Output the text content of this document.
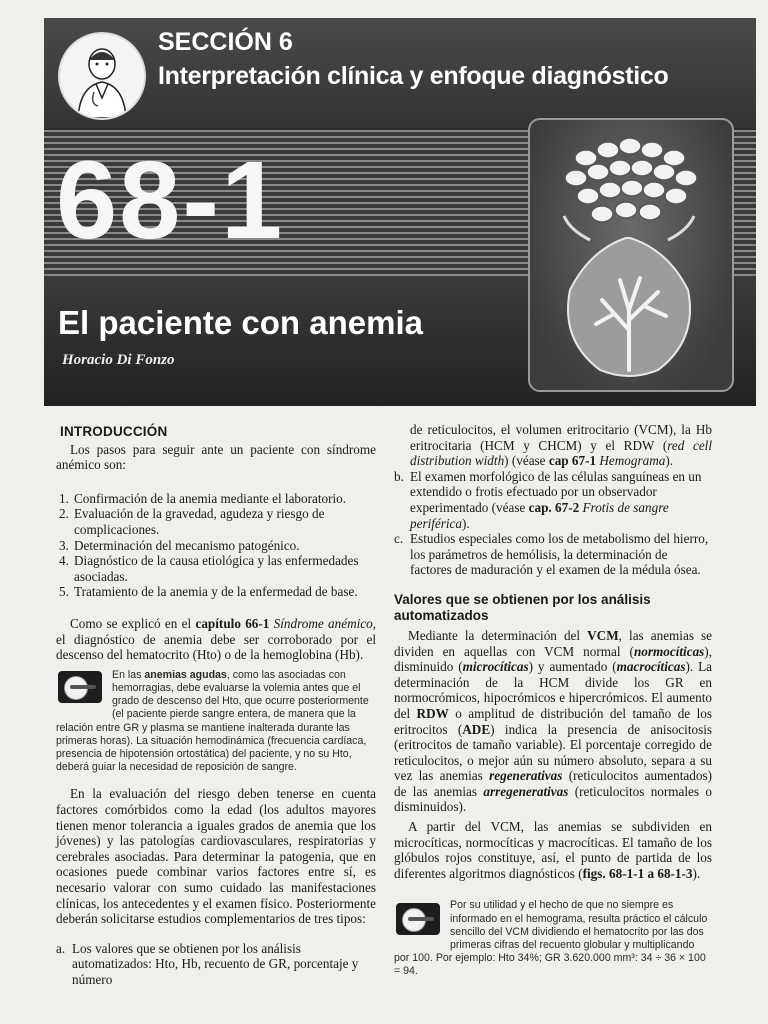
SECCIÓN 6
Interpretación clínica y enfoque diagnóstico
68-1
El paciente con anemia
Horacio Di Fonzo
INTRODUCCIÓN

Los pasos para seguir ante un paciente con síndrome anémico son:

1. Confirmación de la anemia mediante el laboratorio.
2. Evaluación de la gravedad, agudeza y riesgo de complicaciones.
3. Determinación del mecanismo patogénico.
4. Diagnóstico de la causa etiológica y las enfermedades asociadas.
5. Tratamiento de la anemia y de la enfermedad de base.

Como se explicó en el capítulo 66-1 Síndrome anémico, el diagnóstico de anemia debe ser corroborado por el descenso del hematocrito (Hto) o de la hemoglobina (Hb).

En las anemias agudas, como las asociadas con hemorragias, debe evaluarse la volemia antes que el grado de descenso del Hto, que ocurre posteriormente (el paciente pierde sangre entera, de manera que la relación entre GR y plasma se mantiene inalterada durante las primeras horas). La situación hemodinámica (frecuencia cardíaca, presencia de hipotensión ortostática) del paciente, y no su Hto, deberá guiar la necesidad de reposición de sangre.

En la evaluación del riesgo deben tenerse en cuenta factores comórbidos como la edad (los adultos mayores tienen menor tolerancia a iguales grados de anemia que los jóvenes) y las patologías cardiovasculares, respiratorias y cerebrales asociadas. Para determinar la patogenia, que en ocasiones puede combinar varios factores entre sí, es necesario valorar con sumo cuidado las manifestaciones clínicas, los antecedentes y el examen físico. Posteriormente deberán solicitarse estudios complementarios de tres tipos:

a. Los valores que se obtienen por los análisis automatizados: Hto, Hb, recuento de GR, porcentaje y número

de reticulocitos, el volumen eritrocitario (VCM), la Hb eritrocitaria (HCM y CHCM) y el RDW (red cell distribution width) (véase cap 67-1 Hemograma).

b. El examen morfológico de las células sanguíneas en un extendido o frotis efectuado por un observador experimentado (véase cap. 67-2 Frotis de sangre periférica).
c. Estudios especiales como los de metabolismo del hierro, los parámetros de hemólisis, la determinación de factores de maduración y el examen de la médula ósea.
Valores que se obtienen por los análisis automatizados

Mediante la determinación del VCM, las anemias se dividen en aquellas con VCM normal (normocíticas), disminuido (microcíticas) y aumentado (macrocíticas). La determinación de la HCM divide los GR en normocrómicos, hipocrómicos e hipercrómicos. El aumento del RDW o amplitud de distribución del tamaño de los eritrocitos (ADE) indica la presencia de anisocitosis (eritrocitos de tamaño variable). El porcentaje corregido de reticulocitos, o mejor aún su número absoluto, separa a su vez las anemias regenerativas (reticulocitos aumentados) de las anemias arregenerativas (reticulocitos normales o disminuidos).

A partir del VCM, las anemias se subdividen en microcíticas, normocíticas y macrocíticas. El tamaño de los glóbulos rojos constituye, así, el punto de partida de los diferentes algoritmos diagnósticos (figs. 68-1-1 a 68-1-3).

Por su utilidad y el hecho de que no siempre es informado en el hemograma, resulta práctico el cálculo sencillo del VCM dividiendo el hematocrito por las dos primeras cifras del recuento globular y multiplicando por 100. Por ejemplo: Hto 34%; GR 3.620.000 mm³: 34 ÷ 36 × 100 = 94.
